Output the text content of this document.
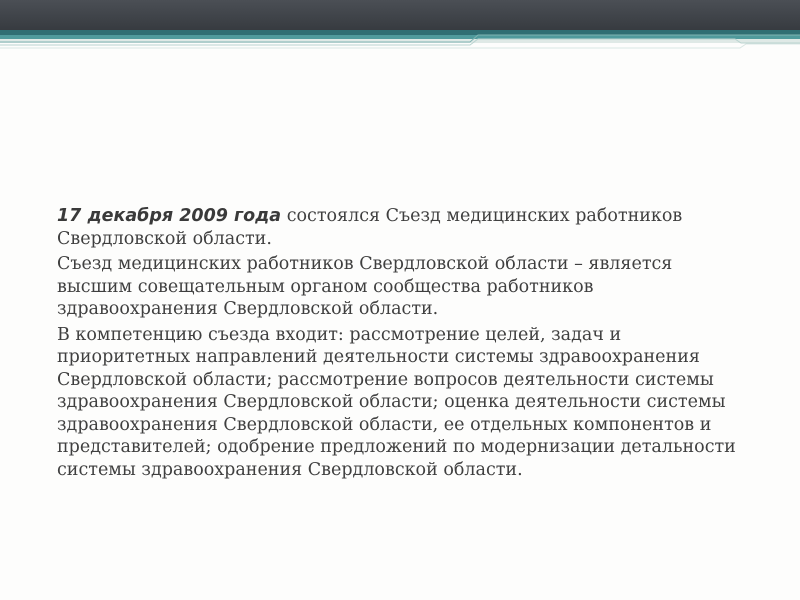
17 декабря 2009 года состоялся Съезд медицинских работников Свердловской области.

Съезд медицинских работников Свердловской области – является высшим совещательным органом сообщества работников здравоохранения Свердловской области.

В компетенцию съезда входит: рассмотрение целей, задач и приоритетных направлений деятельности системы здравоохранения Свердловской области; рассмотрение вопросов деятельности системы здравоохранения Свердловской области; оценка деятельности системы здравоохранения Свердловской области, ее отдельных компонентов и представителей; одобрение предложений по модернизации детальности системы здравоохранения Свердловской области.
